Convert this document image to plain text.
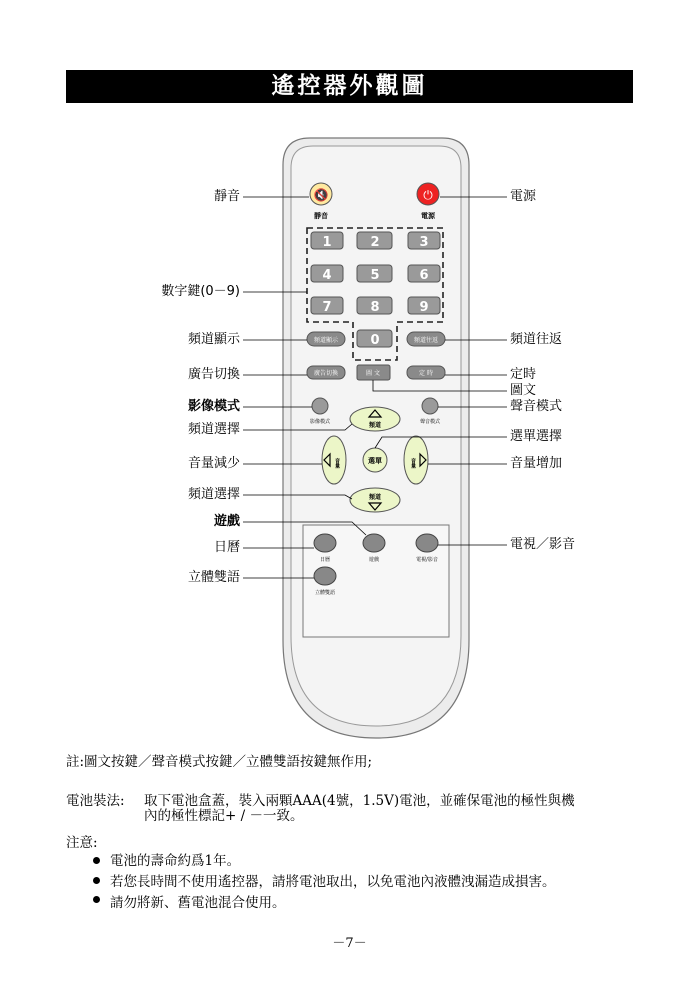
遙控器外觀圖
🔇	⏻
靜音	電源
1	2	3
4	5	6
7	8	9
0
頻道顯示	頻道往返
廣告切換	圖 文	定 時
影像模式	聲音模式
頻道
頻道
音量	音量
選單
日曆	遊戲	電視/影音
立體雙語
靜音
數字鍵(0－9)
頻道顯示
廣告切換
影像模式
頻道選擇
音量減少
頻道選擇
遊戲
日曆
立體雙語
電源
頻道往返
定時
圖文
聲音模式
選單選擇
音量增加
電視／影音
註:圖文按鍵／聲音模式按鍵／立體雙語按鍵無作用;
電池裝法: 取下電池盒蓋，裝入兩顆AAA(4號，1.5V)電池，並確保電池的極性與機
內的極性標記+ / －一致。
注意:
電池的壽命約爲1年。
若您長時間不使用遙控器，請將電池取出，以免電池內液體洩漏造成損害。
請勿將新、舊電池混合使用。
－7－
